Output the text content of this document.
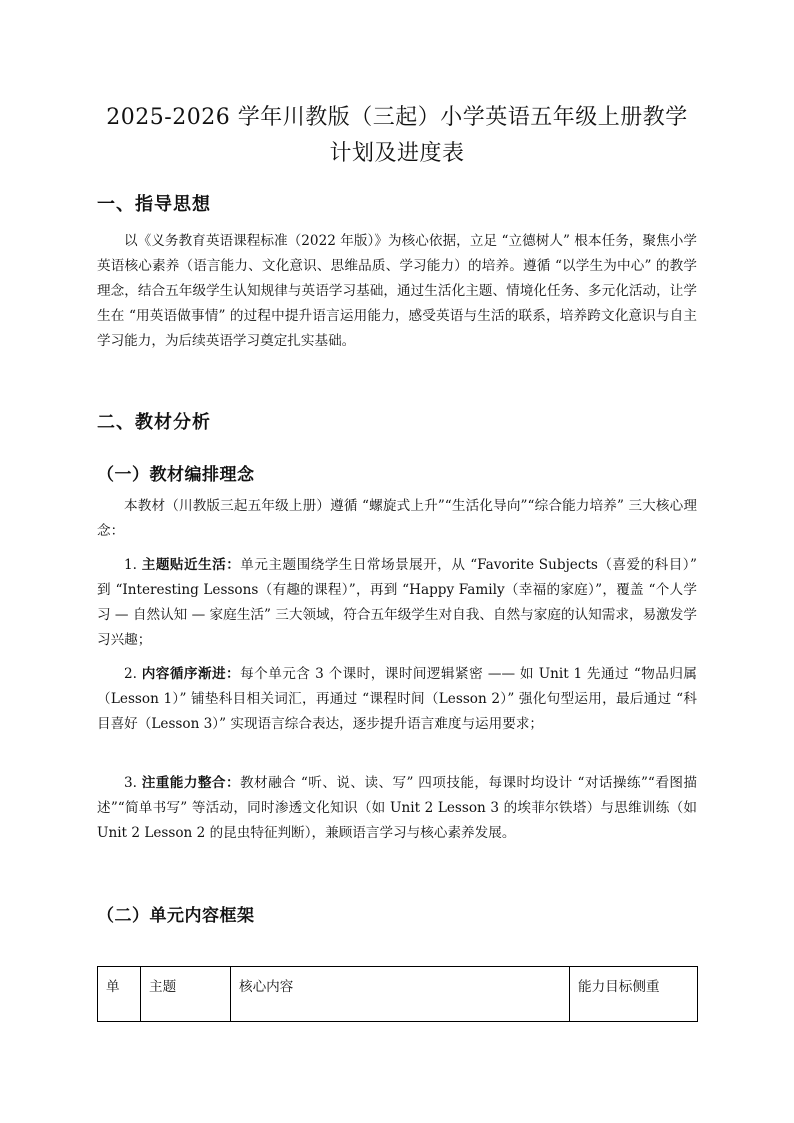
2025-2026 学年川教版（三起）小学英语五年级上册教学
计划及进度表
一、指导思想

以《义务教育英语课程标准（2022 年版）》为核心依据，立足 “立德树人” 根本任务，聚焦小学英语核心素养（语言能力、文化意识、思维品质、学习能力）的培养。遵循 “以学生为中心” 的教学理念，结合五年级学生认知规律与英语学习基础，通过生活化主题、情境化任务、多元化活动，让学生在 “用英语做事情” 的过程中提升语言运用能力，感受英语与生活的联系，培养跨文化意识与自主学习能力，为后续英语学习奠定扎实基础。

二、教材分析
（一）教材编排理念

本教材（川教版三起五年级上册）遵循 “螺旋式上升”“生活化导向”“综合能力培养” 三大核心理念：

1. 主题贴近生活：单元主题围绕学生日常场景展开，从 “Favorite Subjects（喜爱的科目）” 到 “Interesting Lessons（有趣的课程）”，再到 “Happy Family（幸福的家庭）”，覆盖 “个人学习 — 自然认知 — 家庭生活” 三大领域，符合五年级学生对自我、自然与家庭的认知需求，易激发学习兴趣；

2. 内容循序渐进：每个单元含 3 个课时，课时间逻辑紧密 —— 如 Unit 1 先通过 “物品归属（Lesson 1）” 铺垫科目相关词汇，再通过 “课程时间（Lesson 2）” 强化句型运用，最后通过 “科目喜好（Lesson 3）” 实现语言综合表达，逐步提升语言难度与运用要求；

3. 注重能力整合：教材融合 “听、说、读、写” 四项技能，每课时均设计 “对话操练”“看图描述”“简单书写” 等活动，同时渗透文化知识（如 Unit 2 Lesson 3 的埃菲尔铁塔）与思维训练（如 Unit 2 Lesson 2 的昆虫特征判断），兼顾语言学习与核心素养发展。

（二）单元内容框架
单	主题	核心内容	能力目标侧重
